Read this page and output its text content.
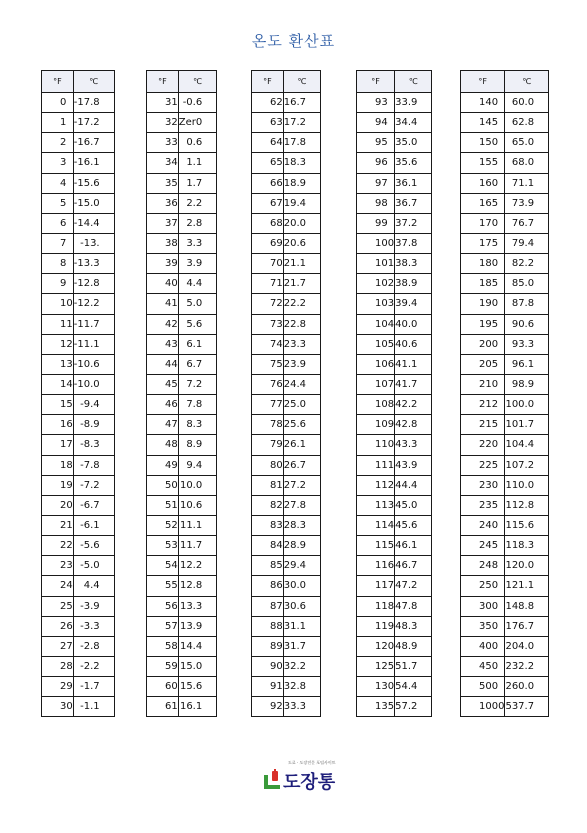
온도 환산표
°F	℃
0	-17.8
1	-17.2
2	-16.7
3	-16.1
4	-15.6
5	-15.0
6	-14.4
7	-13.
8	-13.3
9	-12.8
10	-12.2
11	-11.7
12	-11.1
13	-10.6
14	-10.0
15	-9.4
16	-8.9
17	-8.3
18	-7.8
19	-7.2
20	-6.7
21	-6.1
22	-5.6
23	-5.0
24	4.4
25	-3.9
26	-3.3
27	-2.8
28	-2.2
29	-1.7
30	-1.1
°F	℃
31	-0.6
32	Zer0
33	0.6
34	1.1
35	1.7
36	2.2
37	2.8
38	3.3
39	3.9
40	4.4
41	5.0
42	5.6
43	6.1
44	6.7
45	7.2
46	7.8
47	8.3
48	8.9
49	9.4
50	10.0
51	10.6
52	11.1
53	11.7
54	12.2
55	12.8
56	13.3
57	13.9
58	14.4
59	15.0
60	15.6
61	16.1
°F	℃
62	16.7
63	17.2
64	17.8
65	18.3
66	18.9
67	19.4
68	20.0
69	20.6
70	21.1
71	21.7
72	22.2
73	22.8
74	23.3
75	23.9
76	24.4
77	25.0
78	25.6
79	26.1
80	26.7
81	27.2
82	27.8
83	28.3
84	28.9
85	29.4
86	30.0
87	30.6
88	31.1
89	31.7
90	32.2
91	32.8
92	33.3
°F	℃
93	33.9
94	34.4
95	35.0
96	35.6
97	36.1
98	36.7
99	37.2
100	37.8
101	38.3
102	38.9
103	39.4
104	40.0
105	40.6
106	41.1
107	41.7
108	42.2
109	42.8
110	43.3
111	43.9
112	44.4
113	45.0
114	45.6
115	46.1
116	46.7
117	47.2
118	47.8
119	48.3
120	48.9
125	51.7
130	54.4
135	57.2
°F	℃
140	60.0
145	62.8
150	65.0
155	68.0
160	71.1
165	73.9
170	76.7
175	79.4
180	82.2
185	85.0
190	87.8
195	90.6
200	93.3
205	96.1
210	98.9
212	100.0
215	101.7
220	104.4
225	107.2
230	110.0
235	112.8
240	115.6
245	118.3
248	120.0
250	121.1
300	148.8
350	176.7
400	204.0
450	232.2
500	260.0
1000	537.7
도료 · 도장전문 포털사이트
도장통
